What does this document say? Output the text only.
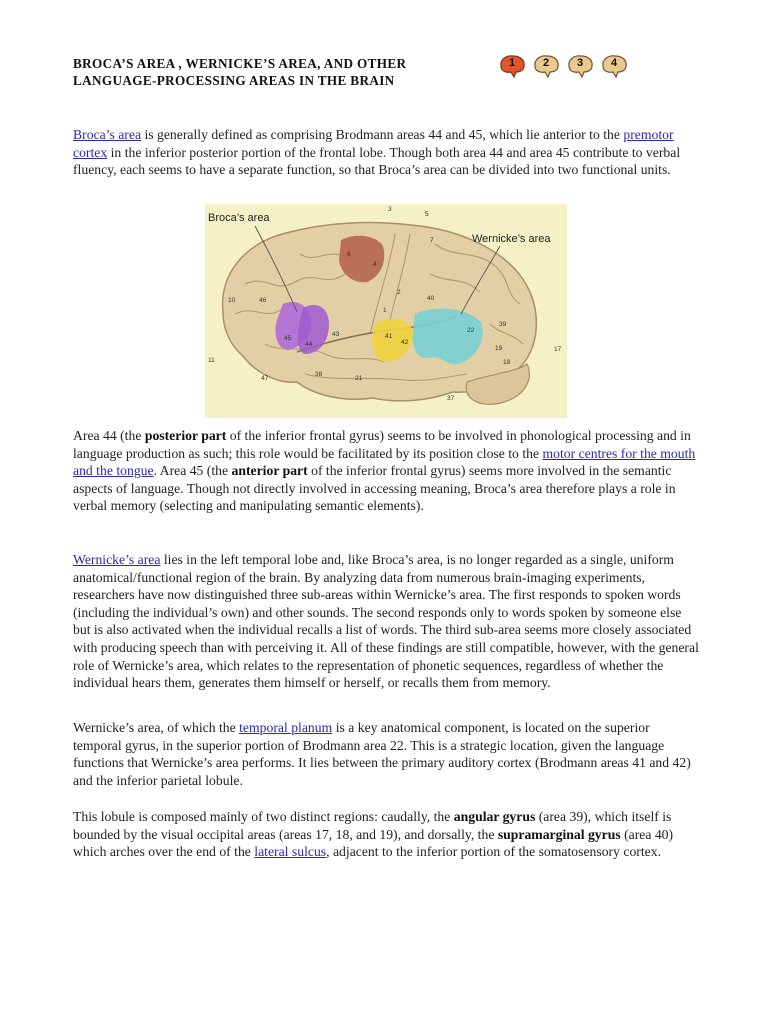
BROCA’S AREA , WERNICKE’S AREA, AND OTHER
LANGUAGE-PROCESSING AREAS IN THE BRAIN
1	2	3	4

Broca’s area is generally defined as comprising Brodmann areas 44 and 45, which lie anterior to the premotor cortex in the inferior posterior portion of the frontal lobe. Though both area 44 and area 45 contribute to verbal fluency, each seems to have a separate function, so that Broca’s area can be divided into two functional units.

Broca’s area
Wernicke’s area
3
5
7
6
4
2
1
40
46
10
45
44
43	41
42
22
39
19	17
38
21
37
11
47
18

Area 44 (the posterior part of the inferior frontal gyrus) seems to be involved in phonological processing and in language production as such; this role would be facilitated by its position close to the motor centres for the mouth and the tongue. Area 45 (the anterior part of the inferior frontal gyrus) seems more involved in the semantic aspects of language. Though not directly involved in accessing meaning, Broca’s area therefore plays a role in verbal memory (selecting and manipulating semantic elements).

Wernicke’s area lies in the left temporal lobe and, like Broca’s area, is no longer regarded as a single, uniform anatomical/functional region of the brain. By analyzing data from numerous brain-imaging experiments, researchers have now distinguished three sub-areas within Wernicke’s area. The first responds to spoken words (including the individual’s own) and other sounds. The second responds only to words spoken by someone else but is also activated when the individual recalls a list of words. The third sub-area seems more closely associated with producing speech than with perceiving it. All of these findings are still compatible, however, with the general role of Wernicke’s area, which relates to the representation of phonetic sequences, regardless of whether the individual hears them, generates them himself or herself, or recalls them from memory.

Wernicke’s area, of which the temporal planum is a key anatomical component, is located on the superior temporal gyrus, in the superior portion of Brodmann area 22. This is a strategic location, given the language functions that Wernicke’s area performs. It lies between the primary auditory cortex (Brodmann areas 41 and 42) and the inferior parietal lobule.

This lobule is composed mainly of two distinct regions: caudally, the angular gyrus (area 39), which itself is bounded by the visual occipital areas (areas 17, 18, and 19), and dorsally, the supramarginal gyrus (area 40) which arches over the end of the lateral sulcus, adjacent to the inferior portion of the somatosensory cortex.
